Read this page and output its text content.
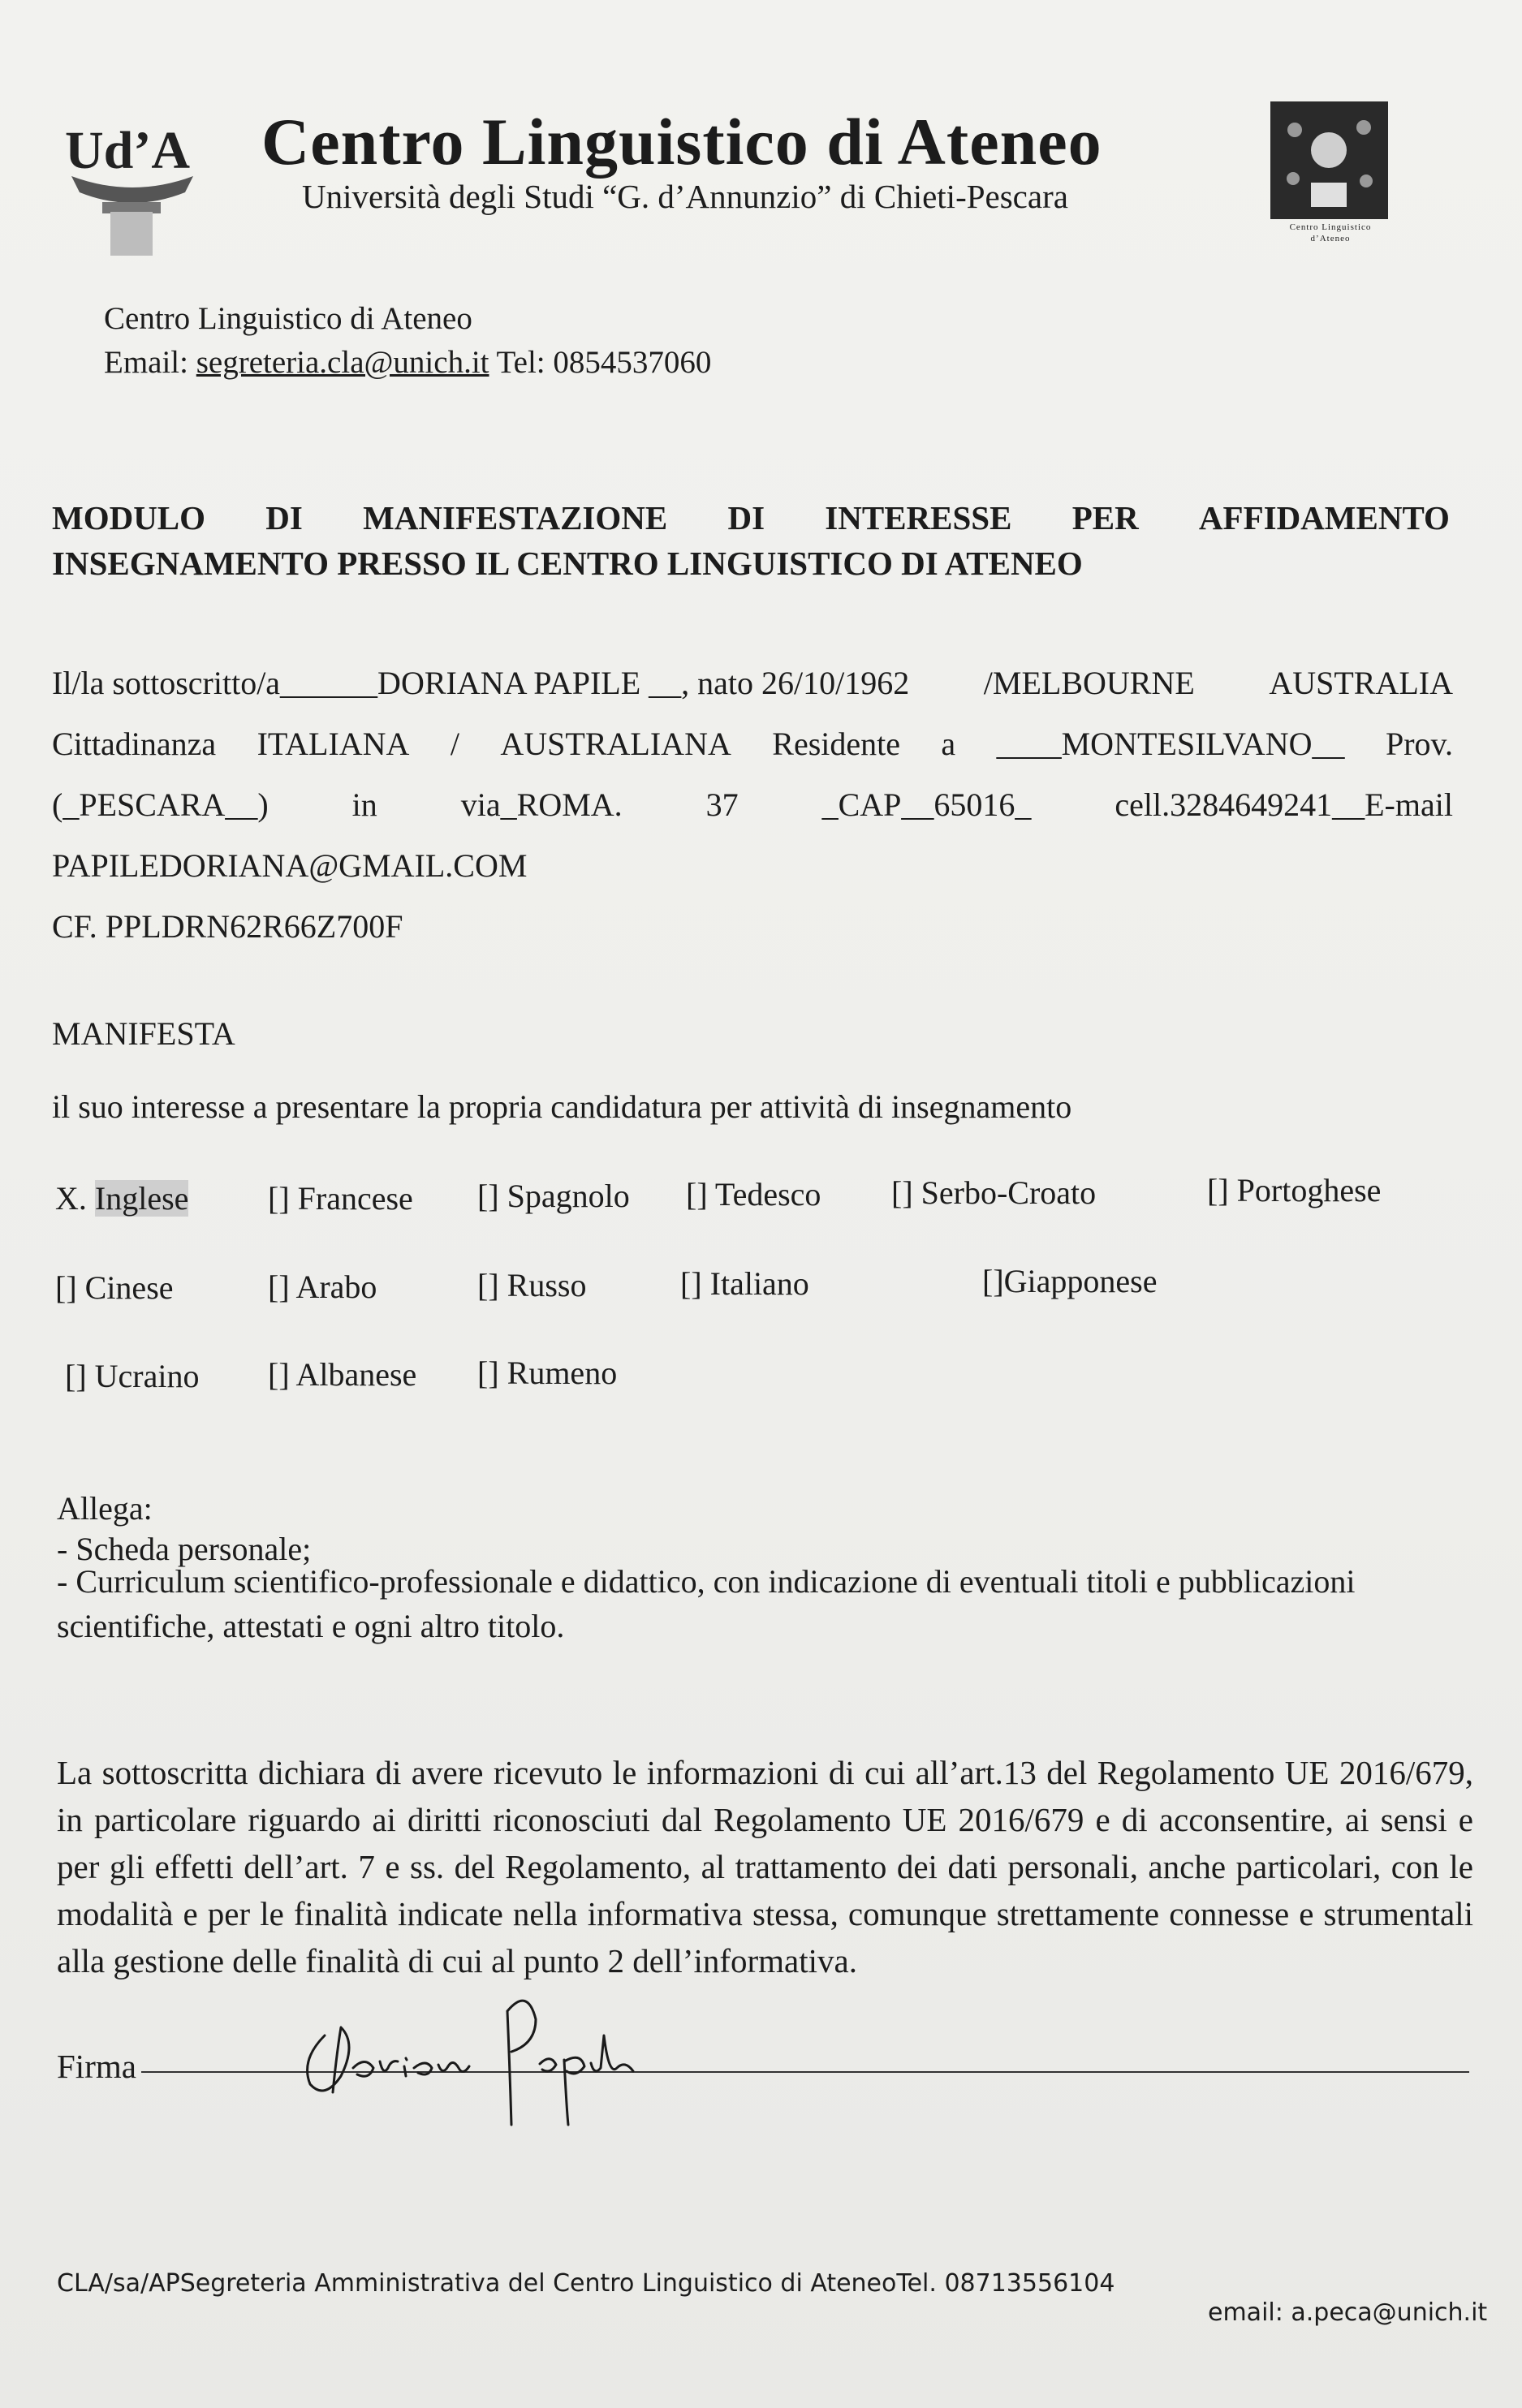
Ud’A Centro Linguistico di Ateneo
Università degli Studi “G. d’Annunzio” di Chieti-Pescara
Centro Linguistico
d’Ateneo
Centro Linguistico di Ateneo
Email: segreteria.cla@unich.it Tel: 0854537060
MODULO DI MANIFESTAZIONE DI INTERESSE PER AFFIDAMENTO
INSEGNAMENTO PRESSO IL CENTRO LINGUISTICO DI ATENEO
Il/la sottoscritto/a______DORIANA PAPILE __, nato 26/10/1962 /MELBOURNE AUSTRALIA
Cittadinanza ITALIANA / AUSTRALIANA Residente a ____MONTESILVANO__ Prov.
(_PESCARA__)	in	via_ROMA.	37	_CAP__65016_	cell.3284649241__E-mail
PAPILEDORIANA@GMAIL.COM
CF. PPLDRN62R66Z700F
MANIFESTA
il suo interesse a presentare la propria candidatura per attività di insegnamento
X. Inglese [] Francese [] Spagnolo [] Tedesco [] Serbo-Croato	[] Portoghese
[] Cinese	[] Arabo	[] Russo	[] Italiano	[]Giapponese
[] Ucraino [] Albanese [] Rumeno
Allega:
- Scheda personale;
- Curriculum scientifico-professionale e didattico, con indicazione di eventuali titoli e pubblicazioni
scientifiche, attestati e ogni altro titolo.
La sottoscritta dichiara di avere ricevuto le informazioni di cui all’art.13 del Regolamento UE 2016/679, in particolare riguardo ai diritti riconosciuti dal Regolamento UE 2016/679 e di acconsentire, ai sensi e per gli effetti dell’art. 7 e ss. del Regolamento, al trattamento dei dati personali, anche particolari, con le modalità e per le finalità indicate nella informativa stessa, comunque strettamente connesse e strumentali alla gestione delle finalità di cui al punto 2 dell’informativa.
Firma
CLA/sa/APSegreteria Amministrativa del Centro Linguistico di AteneoTel. 08713556104
email: a.peca@unich.it
